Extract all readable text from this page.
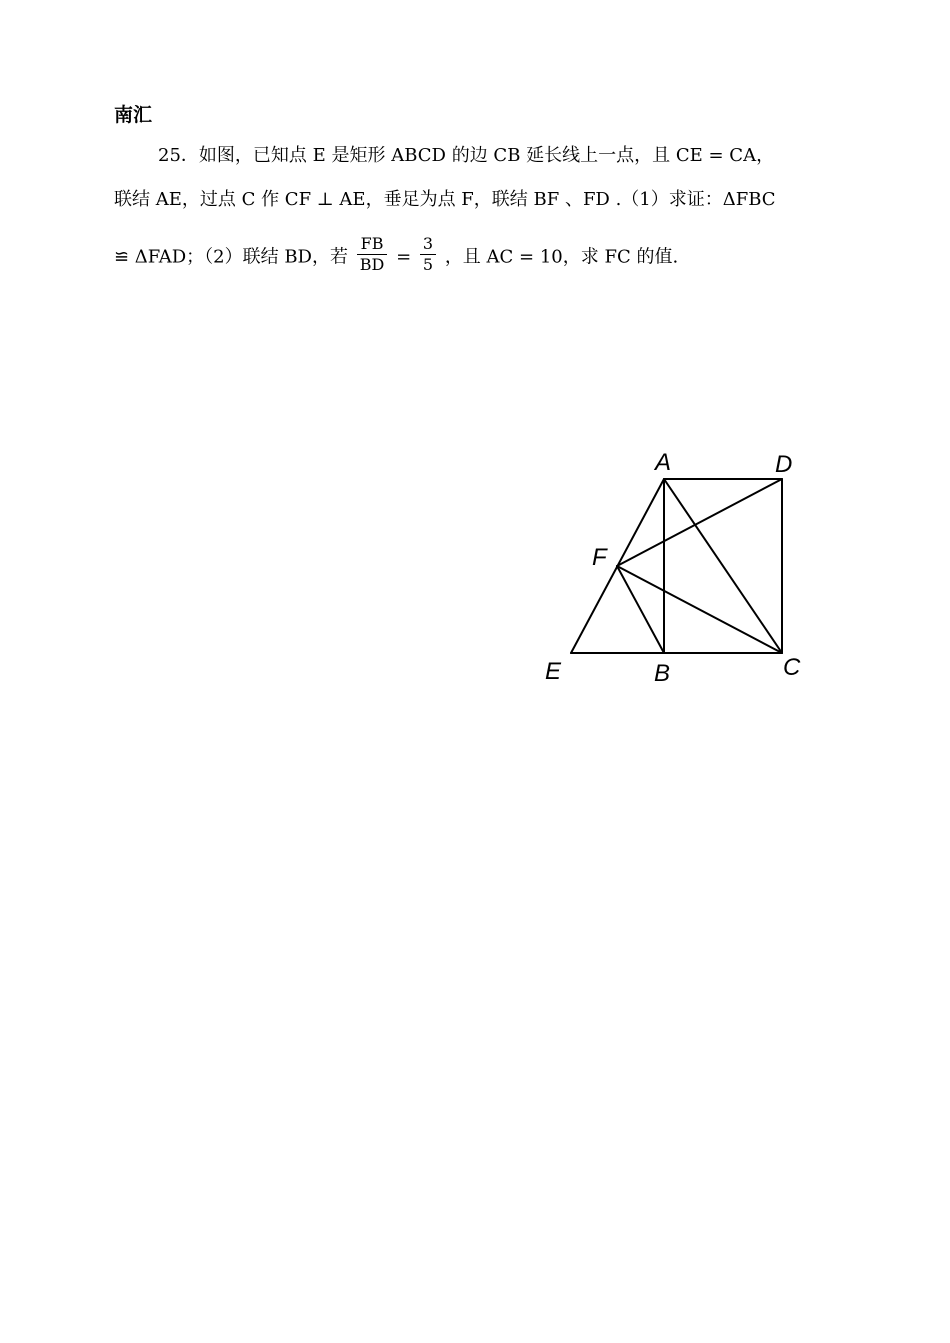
南汇
25．如图，已知点 E 是矩形 ABCD 的边 CB 延长线上一点，且 CE = CA，
联结 AE，过点 C 作 CF ⊥ AE，垂足为点 F，联结 BF 、FD .（1）求证：ΔFBC
≌ ΔFAD；（2）联结 BD，若 $\frac{FB}{BD} = \frac{3}{5}$ ，且 AC = 10，求 FC 的值.
A	D
F
E	B	C
